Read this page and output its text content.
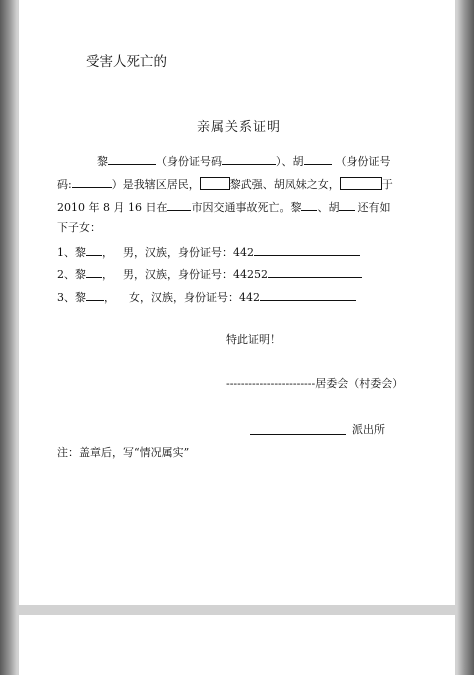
受害人死亡的
亲属关系证明
黎	（身份证号码	）、胡	（身份证号
码:	）是我辖区居民，	黎武强、胡凤妹之女，	于
2010 年 8 月 16 日在 市因交通事故死亡。黎 、胡 还有如
下子女：
1、黎 ， 男，汉族，身份证号：442
2、黎 ， 男，汉族，身份证号：44252
3、黎 ， 女，汉族，身份证号：442
特此证明！
------------------------居委会（村委会）
派出所
注：盖章后，写“情况属实”
